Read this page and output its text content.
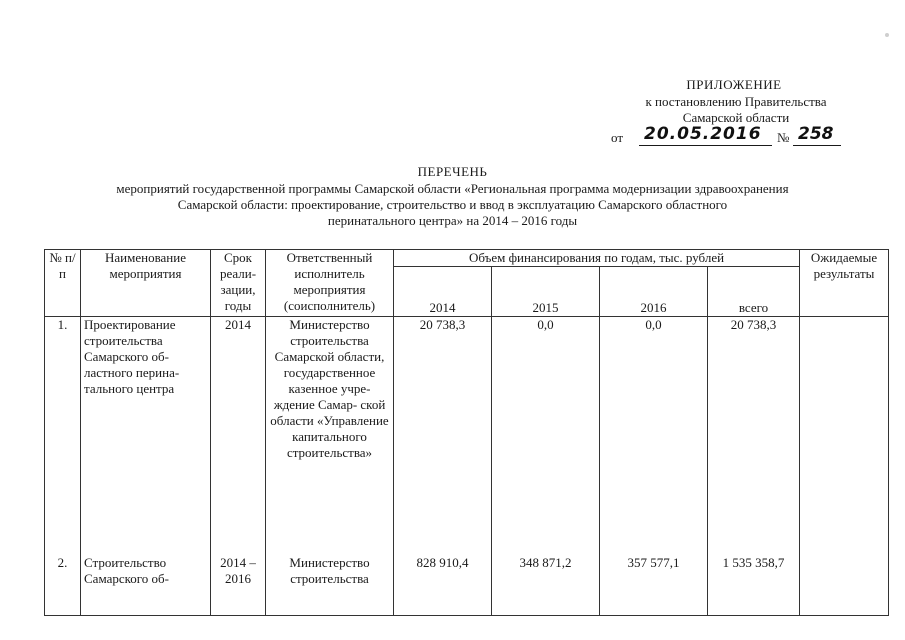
ПРИЛОЖЕНИЕ
к постановлению Правительства
Самарской области
от 20.05.2016 № 258
ПЕРЕЧЕНЬ
мероприятий государственной программы Самарской области «Региональная программа модернизации здравоохранения
Самарской области: проектирование, строительство и ввод в эксплуатацию Самарского областного
перинатального центра» на 2014 – 2016 годы
№ п/п	Наименование мероприятия	Срок реали- зации, годы	Ответственный исполнитель мероприятия (соисполнитель)	Объем финансирования по годам, тыс. рублей				Ожидаемые результаты
				2014	2015	2016	всего	
1.	Проектирование строительства Самарского об- ластного перина- тального центра	2014	Министерство строительства Самарской области, государственное казенное учре- ждение Самар- ской области «Управление капитального строительства»	20 738,3	0,0	0,0	20 738,3	
2.	Строительство Самарского об-	2014 – 2016	Министерство строительства	828 910,4	348 871,2	357 577,1	1 535 358,7	
